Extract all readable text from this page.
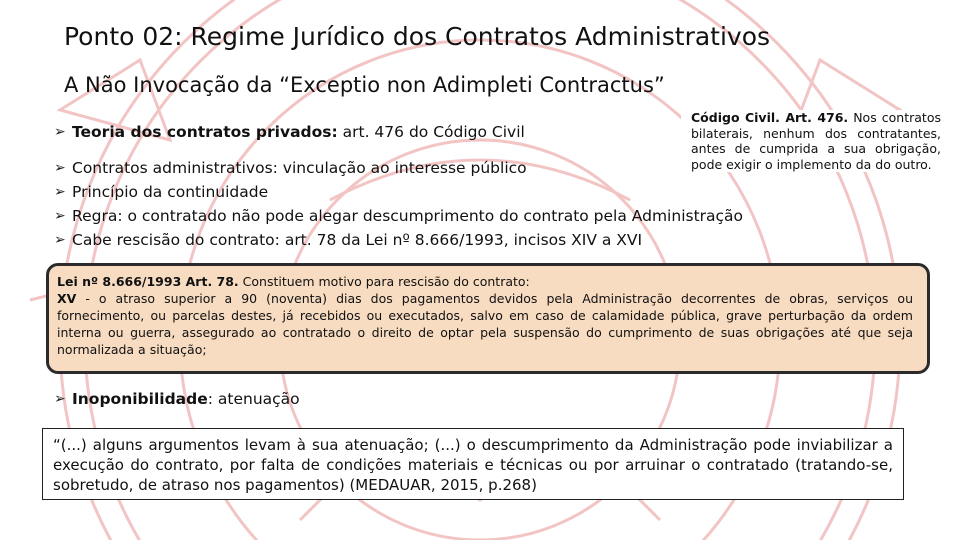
Ponto 02: Regime Jurídico dos Contratos Administrativos
A Não Invocação da “Exceptio non Adimpleti Contractus”
➢ Teoria dos contratos privados: art. 476 do Código Civil
➢ Contratos administrativos: vinculação ao interesse público
➢ Princípio da continuidade
➢ Regra: o contratado não pode alegar descumprimento do contrato pela Administração
➢ Cabe rescisão do contrato: art. 78 da Lei nº 8.666/1993, incisos XIV a XVI
Código Civil. Art. 476. Nos contratos bilaterais, nenhum dos contratantes, antes de cumprida a sua obrigação, pode exigir o implemento da do outro.
Lei nº 8.666/1993 Art. 78. Constituem motivo para rescisão do contrato:
XV - o atraso superior a 90 (noventa) dias dos pagamentos devidos pela Administração decorrentes de obras, serviços ou fornecimento, ou parcelas destes, já recebidos ou executados, salvo em caso de calamidade pública, grave perturbação da ordem interna ou guerra, assegurado ao contratado o direito de optar pela suspensão do cumprimento de suas obrigações até que seja normalizada a situação;
➢ Inoponibilidade : atenuação
“(...) alguns argumentos levam à sua atenuação; (...) o descumprimento da Administração pode inviabilizar a execução do contrato, por falta de condições materiais e técnicas ou por arruinar o contratado (tratando-se, sobretudo, de atraso nos pagamentos) (MEDAUAR, 2015, p.268)
